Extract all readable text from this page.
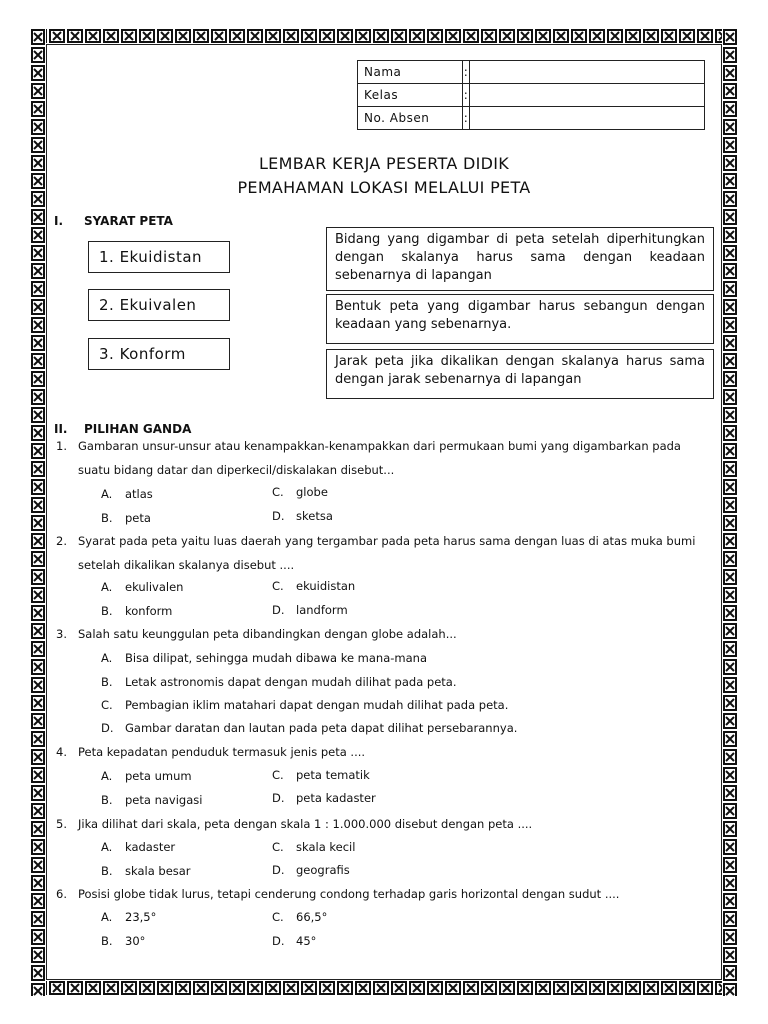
Nama	:	
Kelas	:	
No. Absen	:	
LEMBAR KERJA PESERTA DIDIK
PEMAHAMAN LOKASI MELALUI PETA
I. SYARAT PETA
1. Ekuidistan
2. Ekuivalen
3. Konform
Bidang yang digambar di peta setelah diperhitungkan dengan skalanya harus sama dengan keadaan sebenarnya di lapangan
Bentuk peta yang digambar harus sebangun dengan keadaan yang sebenarnya.
Jarak peta jika dikalikan dengan skalanya harus sama dengan jarak sebenarnya di lapangan
II. PILIHAN GANDA
1. Gambaran unsur-unsur atau kenampakkan-kenampakkan dari permukaan bumi yang digambarkan pada suatu bidang datar dan diperkecil/diskalakan disebut...
A. atlas	C. globe
B. peta	D. sketsa
2. Syarat pada peta yaitu luas daerah yang tergambar pada peta harus sama dengan luas di atas muka bumi setelah dikalikan skalanya disebut ....
A. ekulivalen	C. ekuidistan
B. konform	D. landform
3. Salah satu keunggulan peta dibandingkan dengan globe adalah...
A. Bisa dilipat, sehingga mudah dibawa ke mana-mana
B. Letak astronomis dapat dengan mudah dilihat pada peta.
C. Pembagian iklim matahari dapat dengan mudah dilihat pada peta.
D. Gambar daratan dan lautan pada peta dapat dilihat persebarannya.
4. Peta kepadatan penduduk termasuk jenis peta ....
A. peta umum	C. peta tematik
B. peta navigasi	D. peta kadaster
5. Jika dilihat dari skala, peta dengan skala 1 : 1.000.000 disebut dengan peta ....
A. kadaster	C. skala kecil
B. skala besar	D. geografis
6. Posisi globe tidak lurus, tetapi cenderung condong terhadap garis horizontal dengan sudut ....
A. 23,5°	C. 66,5°
B. 30°	D. 45°
